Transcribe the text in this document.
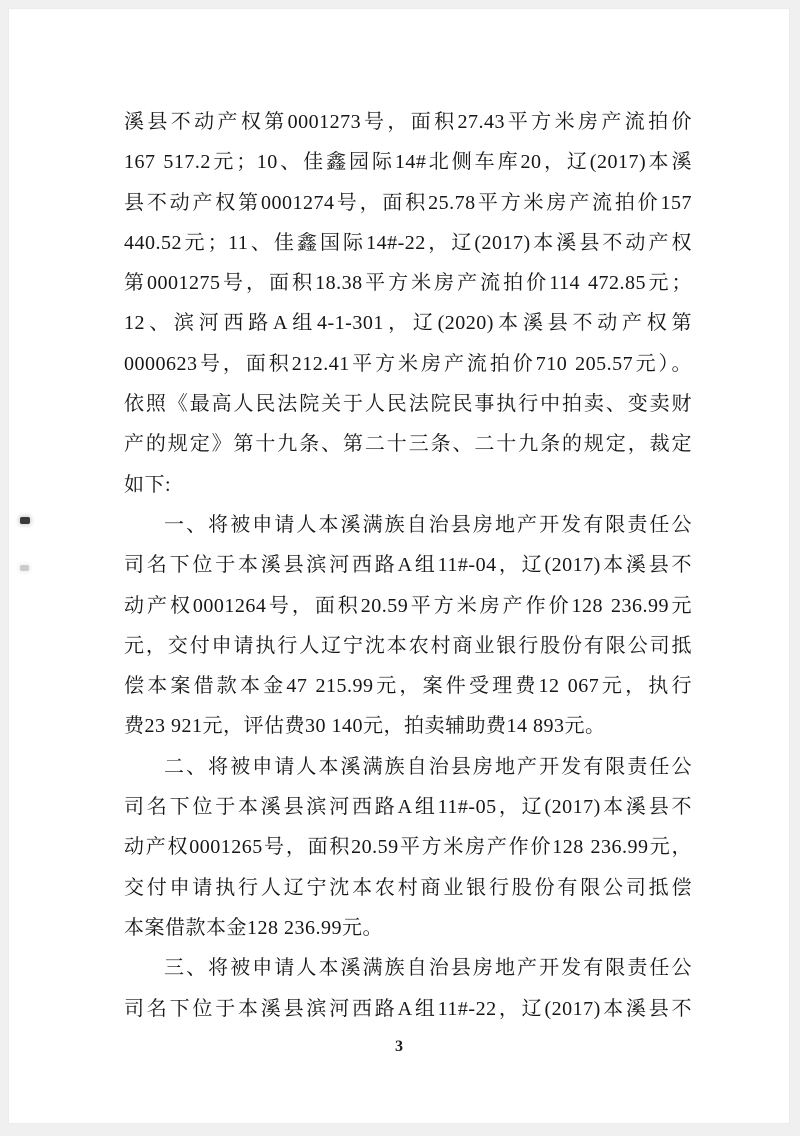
溪县不动产权第0001273号，面积27.43平方米房产流拍价
167 517.2元；10、佳鑫园际14#北侧车库20，辽(2017)本溪
县不动产权第0001274号，面积25.78平方米房产流拍价157
440.52元；11、佳鑫国际14#-22，辽(2017)本溪县不动产权
第0001275号，面积18.38平方米房产流拍价114 472.85元；
12、滨河西路A组4-1-301，辽(2020)本溪县不动产权第
0000623号，面积212.41平方米房产流拍价710 205.57元）。
依照《最高人民法院关于人民法院民事执行中拍卖、变卖财
产的规定》第十九条、第二十三条、二十九条的规定，裁定
如下:
一、将被申请人本溪满族自治县房地产开发有限责任公
司名下位于本溪县滨河西路A组11#-04，辽(2017)本溪县不
动产权0001264号，面积20.59平方米房产作价128 236.99元
元，交付申请执行人辽宁沈本农村商业银行股份有限公司抵
偿本案借款本金47 215.99元，案件受理费12 067元，执行
费23 921元，评估费30 140元，拍卖辅助费14 893元。
二、将被申请人本溪满族自治县房地产开发有限责任公
司名下位于本溪县滨河西路A组11#-05，辽(2017)本溪县不
动产权0001265号，面积20.59平方米房产作价128 236.99元，
交付申请执行人辽宁沈本农村商业银行股份有限公司抵偿
本案借款本金128 236.99元。
三、将被申请人本溪满族自治县房地产开发有限责任公
司名下位于本溪县滨河西路A组11#-22，辽(2017)本溪县不
3
